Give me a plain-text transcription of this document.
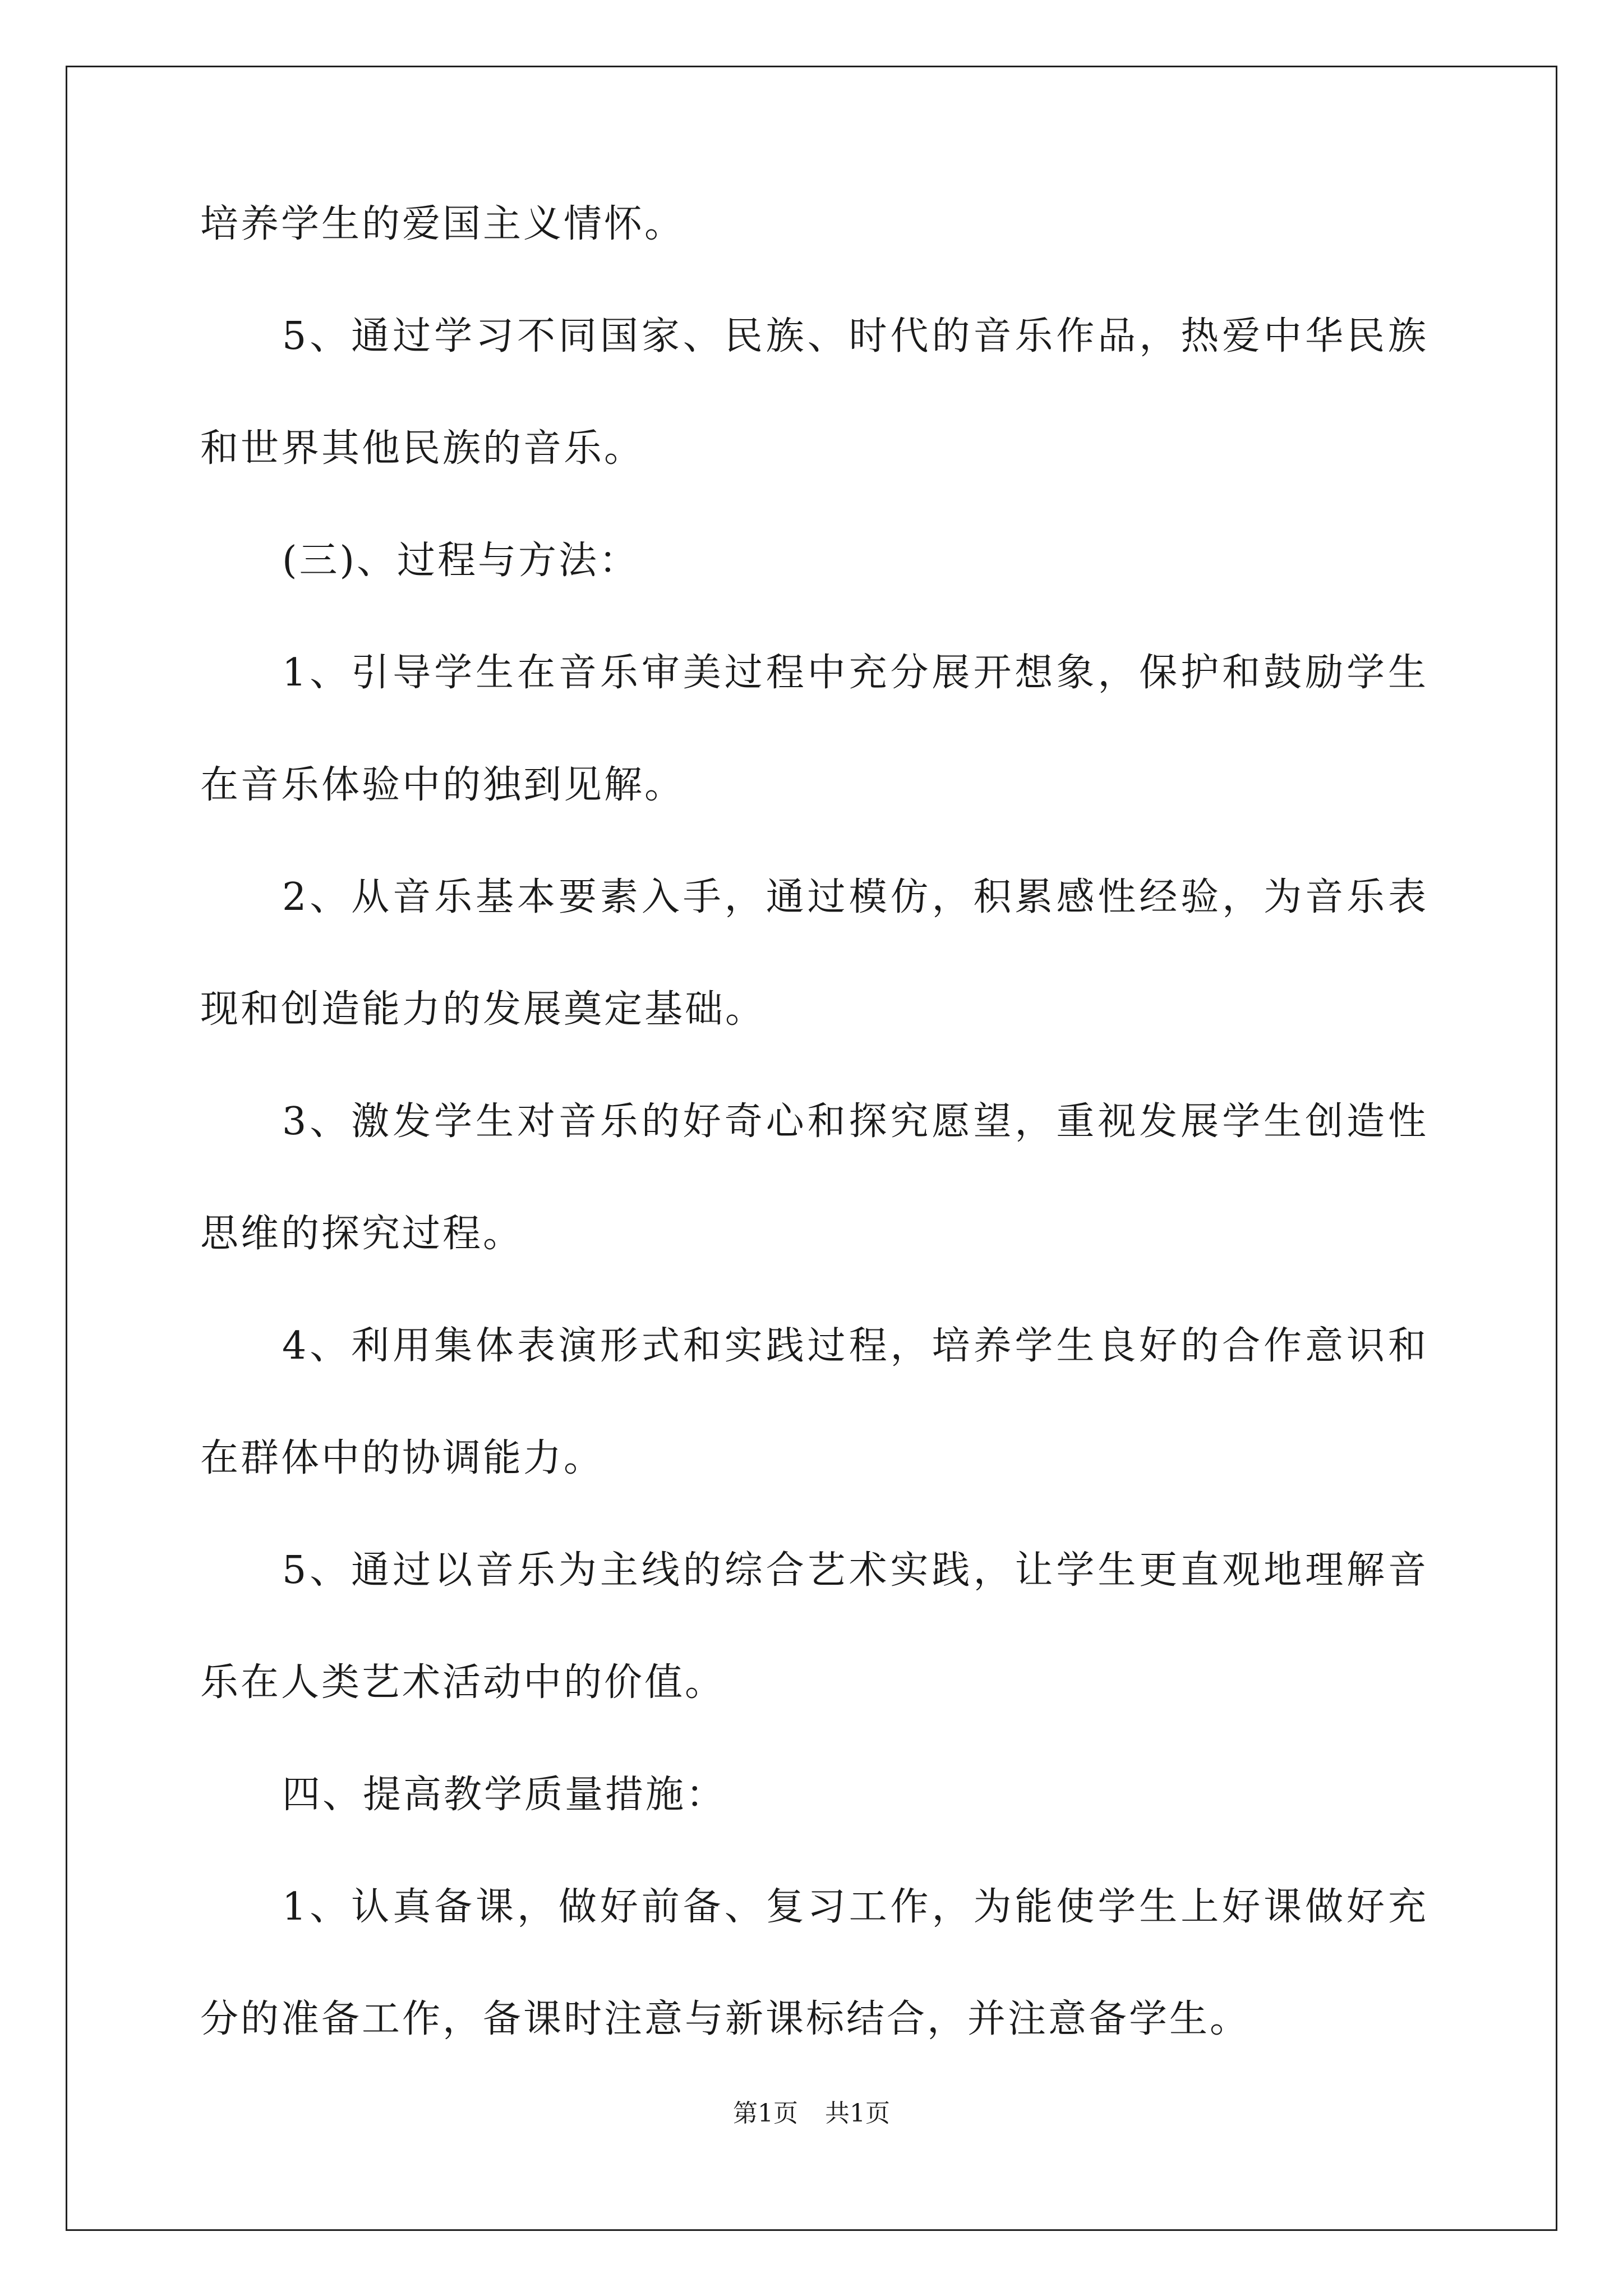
培养学生的爱国主义情怀。

5、通过学习不同国家、民族、时代的音乐作品，热爱中华民族和世界其他民族的音乐。

(三)、过程与方法：

1、引导学生在音乐审美过程中充分展开想象，保护和鼓励学生在音乐体验中的独到见解。

2、从音乐基本要素入手，通过模仿，积累感性经验，为音乐表现和创造能力的发展奠定基础。

3、激发学生对音乐的好奇心和探究愿望，重视发展学生创造性思维的探究过程。

4、利用集体表演形式和实践过程，培养学生良好的合作意识和在群体中的协调能力。

5、通过以音乐为主线的综合艺术实践，让学生更直观地理解音乐在人类艺术活动中的价值。

四、提高教学质量措施：

1、认真备课，做好前备、复习工作，为能使学生上好课做好充分的准备工作，备课时注意与新课标结合，并注意备学生。

第1页 共1页
